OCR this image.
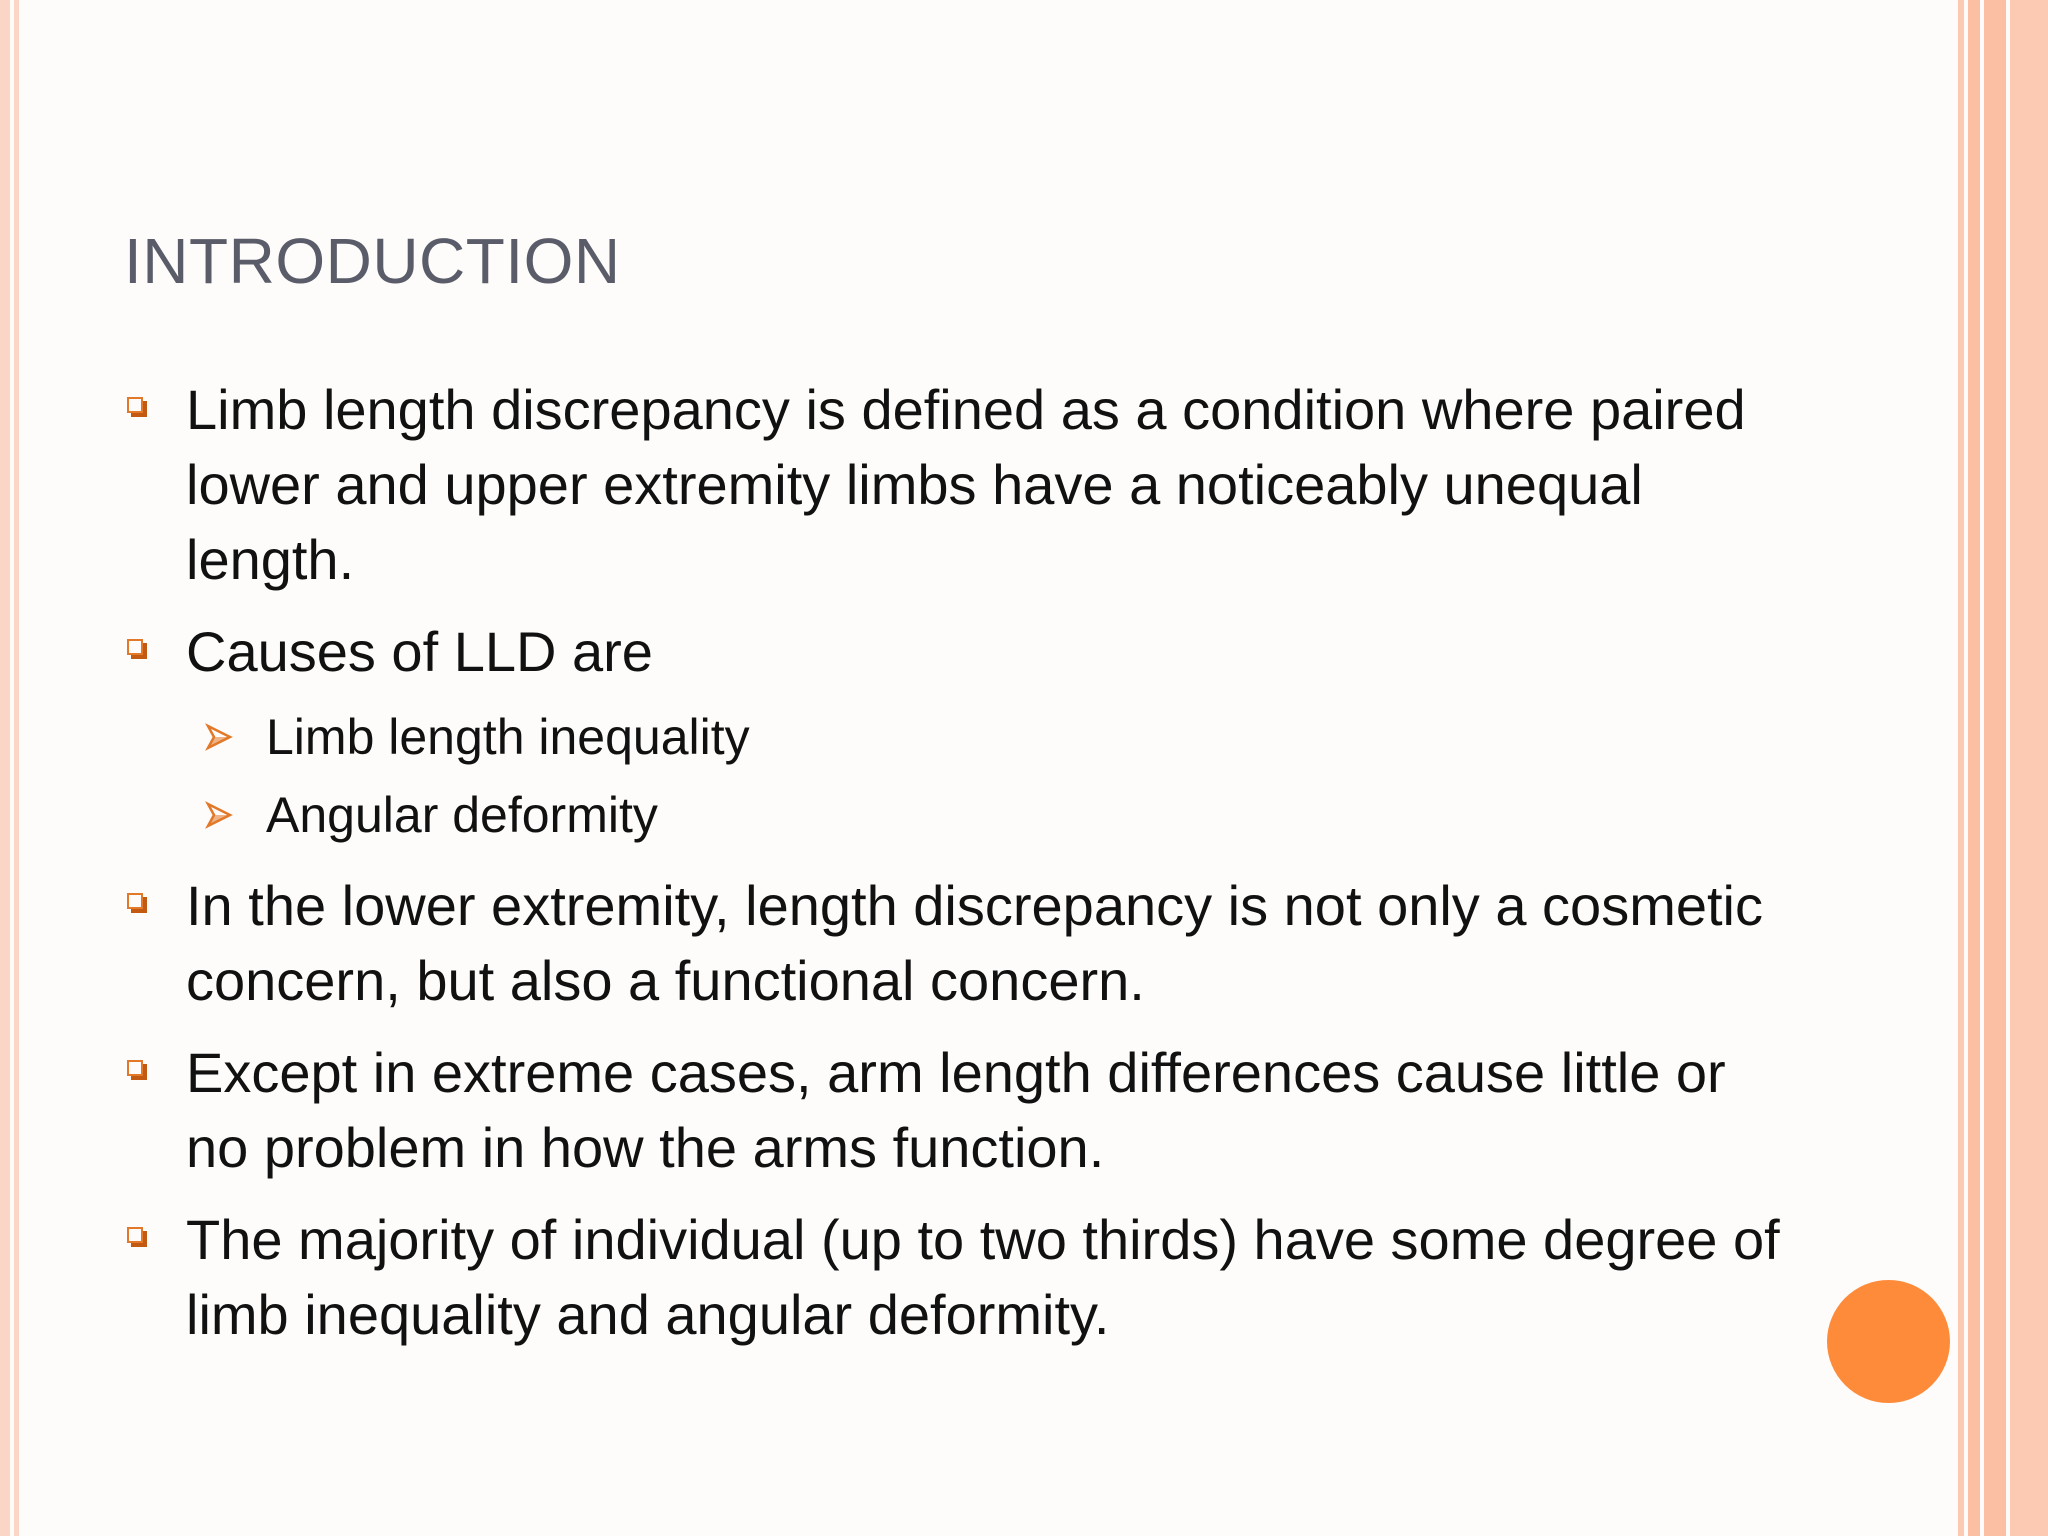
INTRODUCTION
Limb length discrepancy is defined as a condition where paired lower and upper extremity limbs have a noticeably unequal length.
Causes of LLD are
Limb length inequality
Angular deformity
In the lower extremity, length discrepancy is not only a cosmetic concern, but also a functional concern.
Except in extreme cases, arm length differences cause little or no problem in how the arms function.
The majority of individual (up to two thirds) have some degree of limb inequality and angular deformity.
